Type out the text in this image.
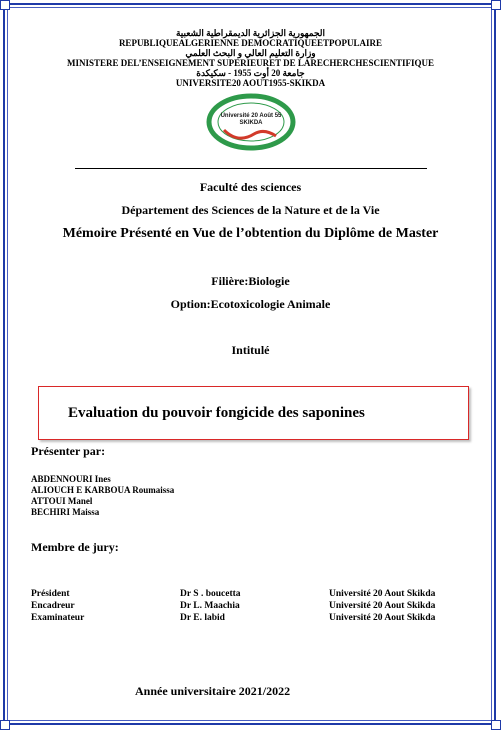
الجمهورية الجزائرية الديمقراطية الشعبية
REPUBLIQUEALGERIENNE DEMOCRATIQUEETPOPULAIRE
وزارة التعليم العالي و البحث العلمي
MINISTERE DEL’ENSEIGNEMENT SUPERIEURET DE LARECHERCHESCIENTIFIQUE
جامعة 20 أوت 1955 - سكيكدة
UNIVERSITE20 AOUT1955-SKIKDA
Université 20 Août 55
SKIKDA
Faculté des sciences
Département des Sciences de la Nature et de la Vie
Mémoire Présenté en Vue de l’obtention du Diplôme de Master
Filière:Biologie
Option:Ecotoxicologie Animale
Intitulé
Evaluation du pouvoir fongicide des saponines
Présenter par:
ABDENNOURI Ines
ALIOUCH E KARBOUA Roumaissa
ATTOUI Manel
BECHIRI Maissa
Membre de jury:
Président	Dr S . boucetta	Université 20 Aout Skikda
Encadreur	Dr L. Maachia	Université 20 Aout Skikda
Examinateur	Dr E. labid	Université 20 Aout Skikda
Année universitaire 2021/2022
